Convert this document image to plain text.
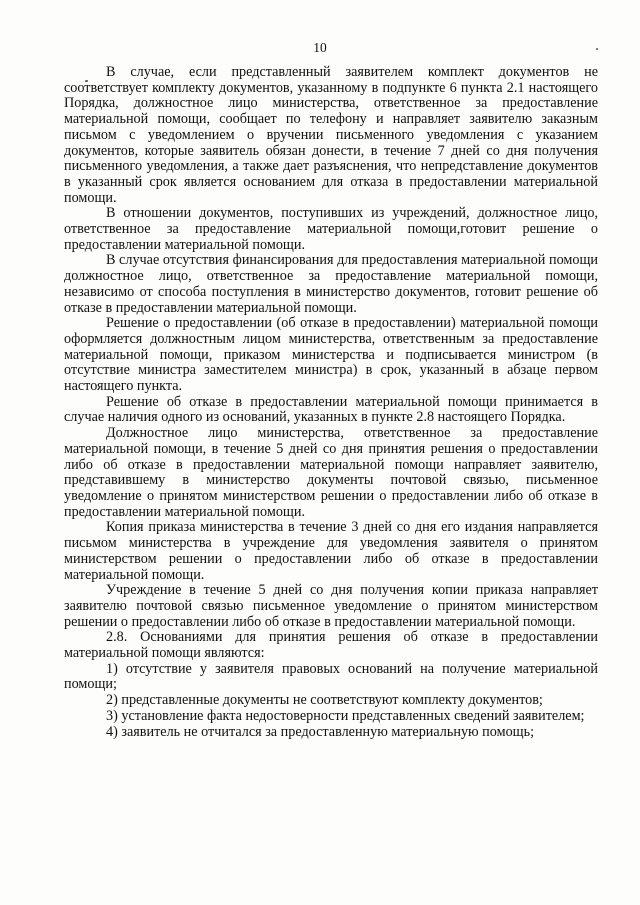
10

В случае, если представленный заявителем комплект документов не соответствует комплекту документов, указанному в подпункте 6 пункта 2.1 настоящего Порядка, должностное лицо министерства, ответственное за предоставление материальной помощи, сообщает по телефону и направляет заявителю заказным письмом с уведомлением о вручении письменного уведомления с указанием документов, которые заявитель обязан донести, в течение 7 дней со дня получения письменного уведомления, а также дает разъяснения, что непредставление документов в указанный срок является основанием для отказа в предоставлении материальной помощи.

В отношении документов, поступивших из учреждений, должностное лицо, ответственное за предоставление материальной помощи,готовит решение о предоставлении материальной помощи.

В случае отсутствия финансирования для предоставления материальной помощи должностное лицо, ответственное за предоставление материальной помощи, независимо от способа поступления в министерство документов, готовит решение об отказе в предоставлении материальной помощи.

Решение о предоставлении (об отказе в предоставлении) материальной помощи оформляется должностным лицом министерства, ответственным за предоставление материальной помощи, приказом министерства и подписывается министром (в отсутствие министра заместителем министра) в срок, указанный в абзаце первом настоящего пункта.

Решение об отказе в предоставлении материальной помощи принимается в случае наличия одного из оснований, указанных в пункте 2.8 настоящего Порядка.

Должностное лицо министерства, ответственное за предоставление материальной помощи, в течение 5 дней со дня принятия решения о предоставлении либо об отказе в предоставлении материальной помощи направляет заявителю, представившему в министерство документы почтовой связью, письменное уведомление о принятом министерством решении о предоставлении либо об отказе в предоставлении материальной помощи.

Копия приказа министерства в течение 3 дней со дня его издания направляется письмом министерства в учреждение для уведомления заявителя о принятом министерством решении о предоставлении либо об отказе в предоставлении материальной помощи.

Учреждение в течение 5 дней со дня получения копии приказа направляет заявителю почтовой связью письменное уведомление о принятом министерством решении о предоставлении либо об отказе в предоставлении материальной помощи.

2.8. Основаниями для принятия решения об отказе в предоставлении материальной помощи являются:

1) отсутствие у заявителя правовых оснований на получение материальной помощи;

2) представленные документы не соответствуют комплекту документов;

3) установление факта недостоверности представленных сведений заявителем;

4) заявитель не отчитался за предоставленную материальную помощь;
